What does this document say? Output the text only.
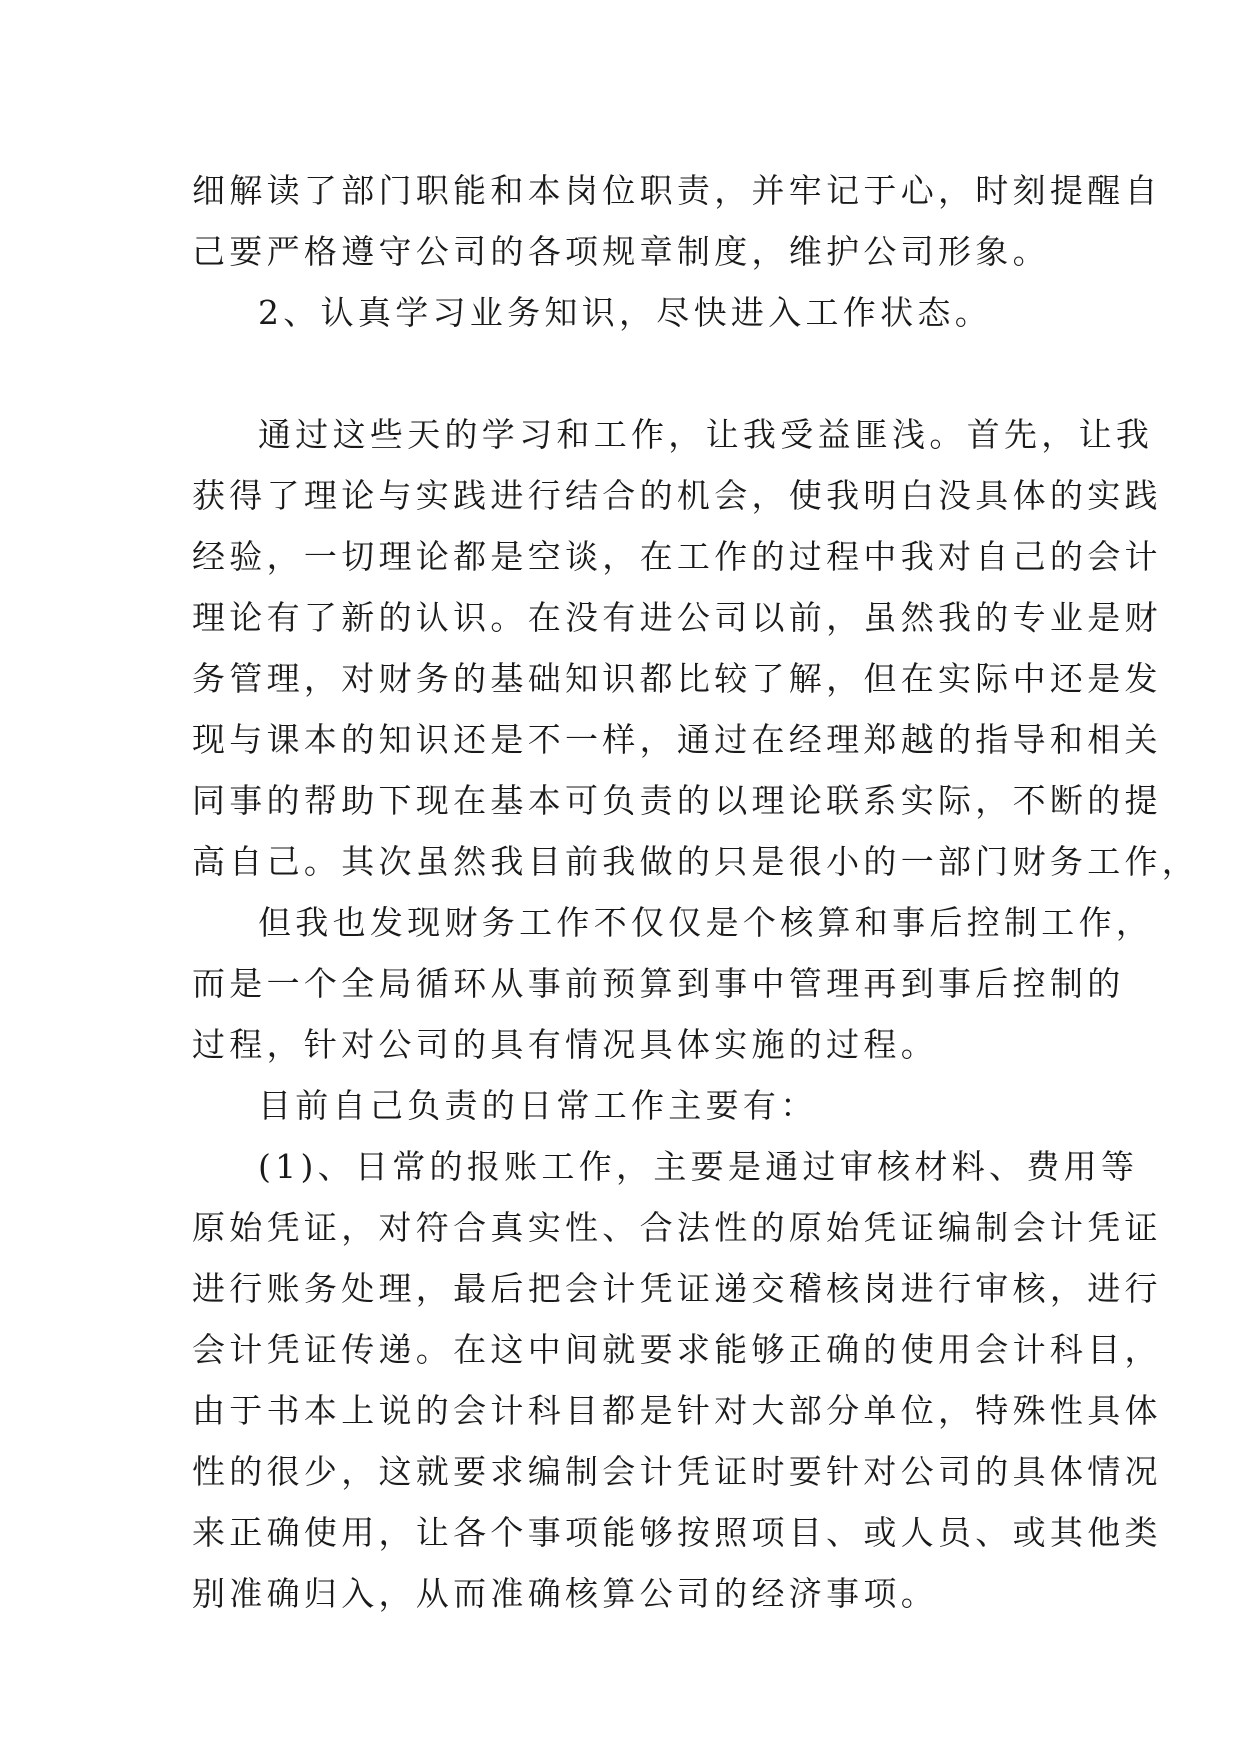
细解读了部门职能和本岗位职责，并牢记于心，时刻提醒自
己要严格遵守公司的各项规章制度，维护公司形象。
2、认真学习业务知识，尽快进入工作状态。
通过这些天的学习和工作，让我受益匪浅。首先，让我
获得了理论与实践进行结合的机会，使我明白没具体的实践
经验，一切理论都是空谈，在工作的过程中我对自己的会计
理论有了新的认识。在没有进公司以前，虽然我的专业是财
务管理，对财务的基础知识都比较了解，但在实际中还是发
现与课本的知识还是不一样，通过在经理郑越的指导和相关
同事的帮助下现在基本可负责的以理论联系实际，不断的提
高自己。其次虽然我目前我做的只是很小的一部门财务工作，
但我也发现财务工作不仅仅是个核算和事后控制工作，
而是一个全局循环从事前预算到事中管理再到事后控制的
过程，针对公司的具有情况具体实施的过程。
目前自己负责的日常工作主要有：
(1)、日常的报账工作，主要是通过审核材料、费用等
原始凭证，对符合真实性、合法性的原始凭证编制会计凭证
进行账务处理，最后把会计凭证递交稽核岗进行审核，进行
会计凭证传递。在这中间就要求能够正确的使用会计科目，
由于书本上说的会计科目都是针对大部分单位，特殊性具体
性的很少，这就要求编制会计凭证时要针对公司的具体情况
来正确使用，让各个事项能够按照项目、或人员、或其他类
别准确归入，从而准确核算公司的经济事项。
